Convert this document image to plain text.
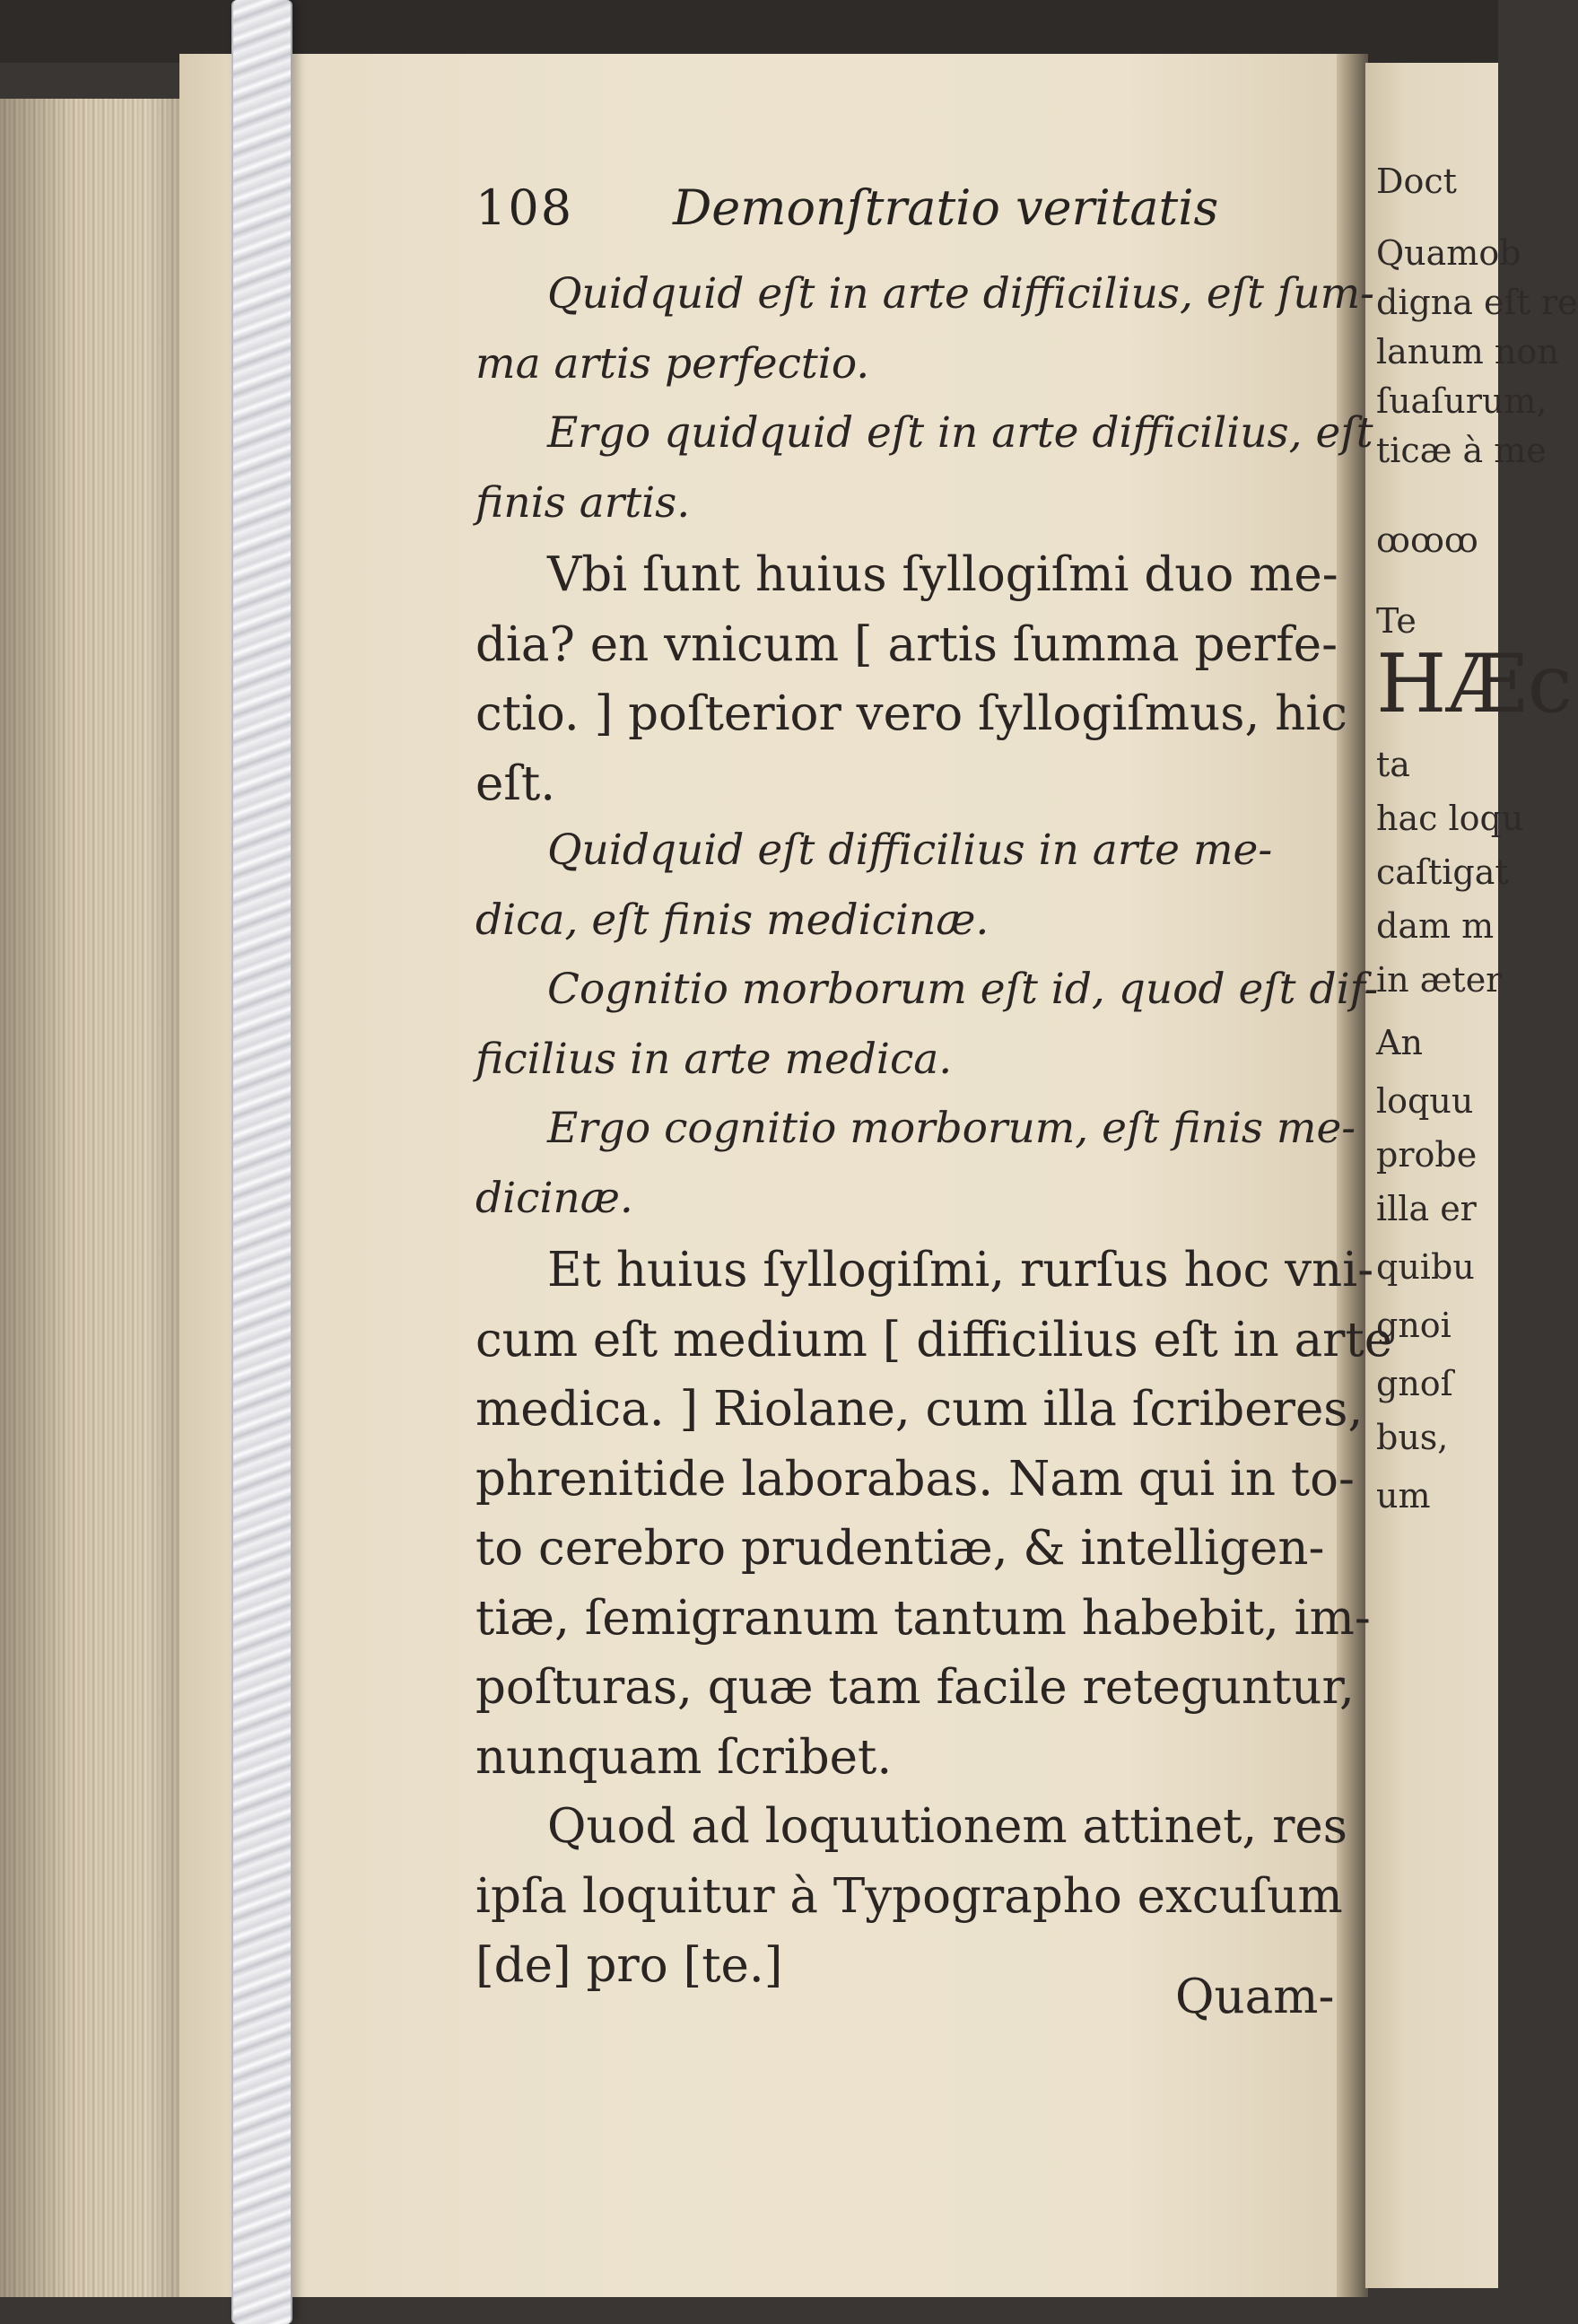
Doct
Quamob
digna eſt re
lanum non
ſuaſurum,
ticæ à me
ꝏꝏꝏ
Te
HÆc
ta
hac loqu
caſtigat
dam m
in æter
An
loquu
probe
illa er
quibu
gnoi
gnoſ
bus,
um
108 Demonſtratio veritatis
Quidquid eſt in arte difficilius, eſt ſum-
ma artis perfectio.
Ergo quidquid eſt in arte difficilius, eſt
finis artis.
Vbi ſunt huius ſyllogiſmi duo me-
dia? en vnicum [ artis ſumma perfe-
ctio. ] poſterior vero ſyllogiſmus, hic
eſt.
Quidquid eſt difficilius in arte me-
dica, eſt finis medicinæ.
Cognitio morborum eſt id, quod eſt dif-
ficilius in arte medica.
Ergo cognitio morborum, eſt finis me-
dicinæ.
Et huius ſyllogiſmi, rurſus hoc vni-
cum eſt medium [ difficilius eſt in arte
medica. ] Riolane, cum illa ſcriberes,
phrenitide laborabas. Nam qui in to-
to cerebro prudentiæ, & intelligen-
tiæ, ſemigranum tantum habebit, im-
poſturas, quæ tam facile reteguntur,
nunquam ſcribet.
Quod ad loquutionem attinet, res
ipſa loquitur à Typographo excuſum
[de] pro [te.]
Quam-
